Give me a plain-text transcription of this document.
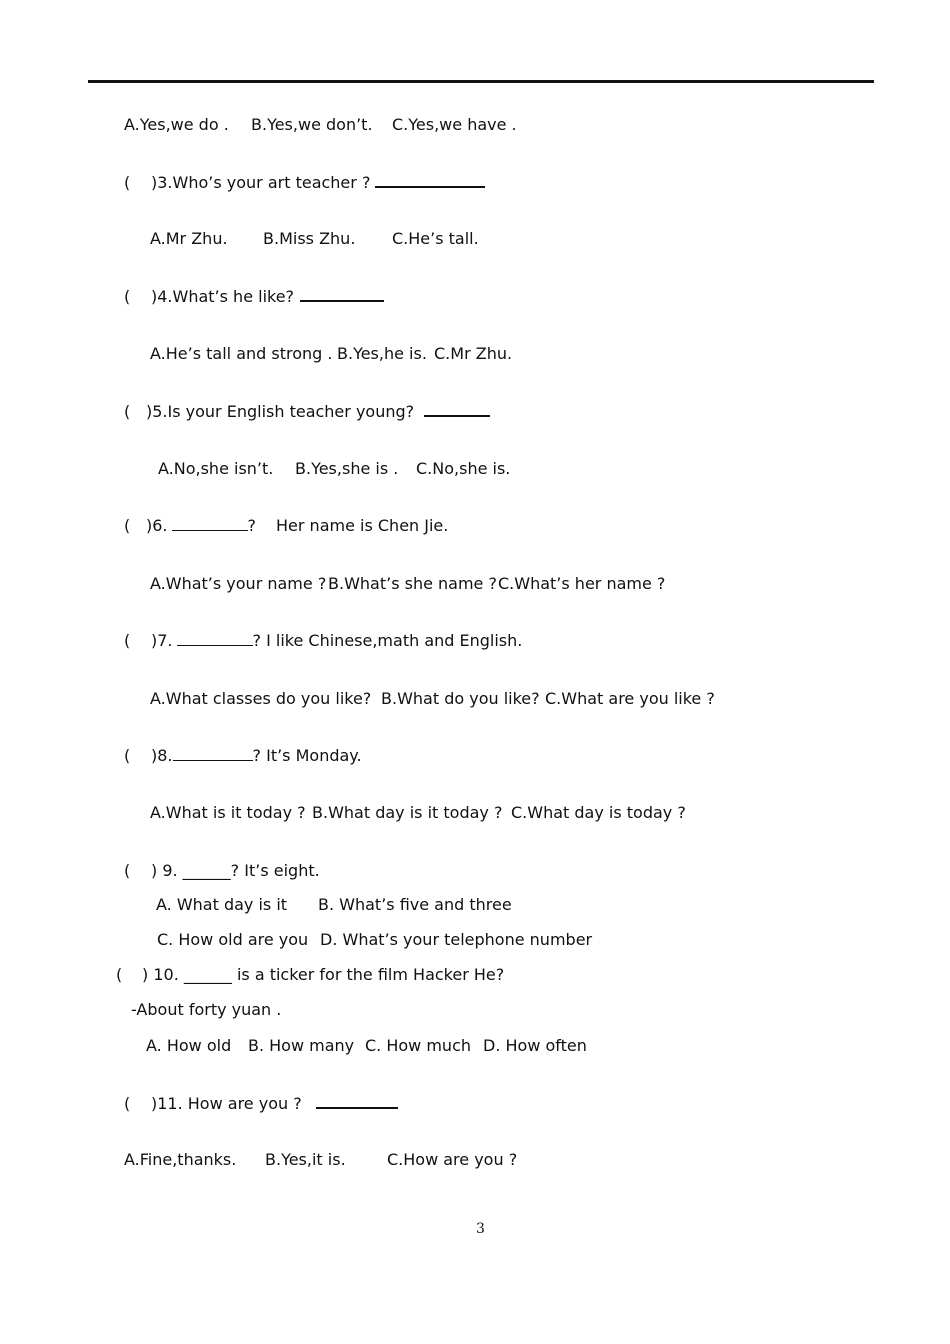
A.Yes,we do . B.Yes,we don’t. C.Yes,we have .
( )3.Who’s your art teacher ?
A.Mr Zhu. B.Miss Zhu. C.He’s tall.
( )4.What’s he like?
A.He’s tall and strong . B.Yes,he is. C.Mr Zhu.
( )5.Is your English teacher young?
A.No,she isn’t. B.Yes,she is . C.No,she is.
( )6.	? Her name is Chen Jie.
A.What’s your name ? B.What’s she name ?C.What’s her name ?
( )7.	? I like Chinese,math and English.
A.What classes do you like? B.What do you like? C.What are you like ?
( )8.	? It’s Monday.
A.What is it today ? B.What day is it today ? C.What day is today ?
( ) 9. ______? It’s eight.
A. What day is it B. What’s five and three
C. How old are you D. What’s your telephone number
( ) 10. ______ is a ticker for the film Hacker He?
-About forty yuan .
A. How old B. How many C. How much D. How often
( )11. How are you ?
A.Fine,thanks. B.Yes,it is.	C.How are you ?
3
